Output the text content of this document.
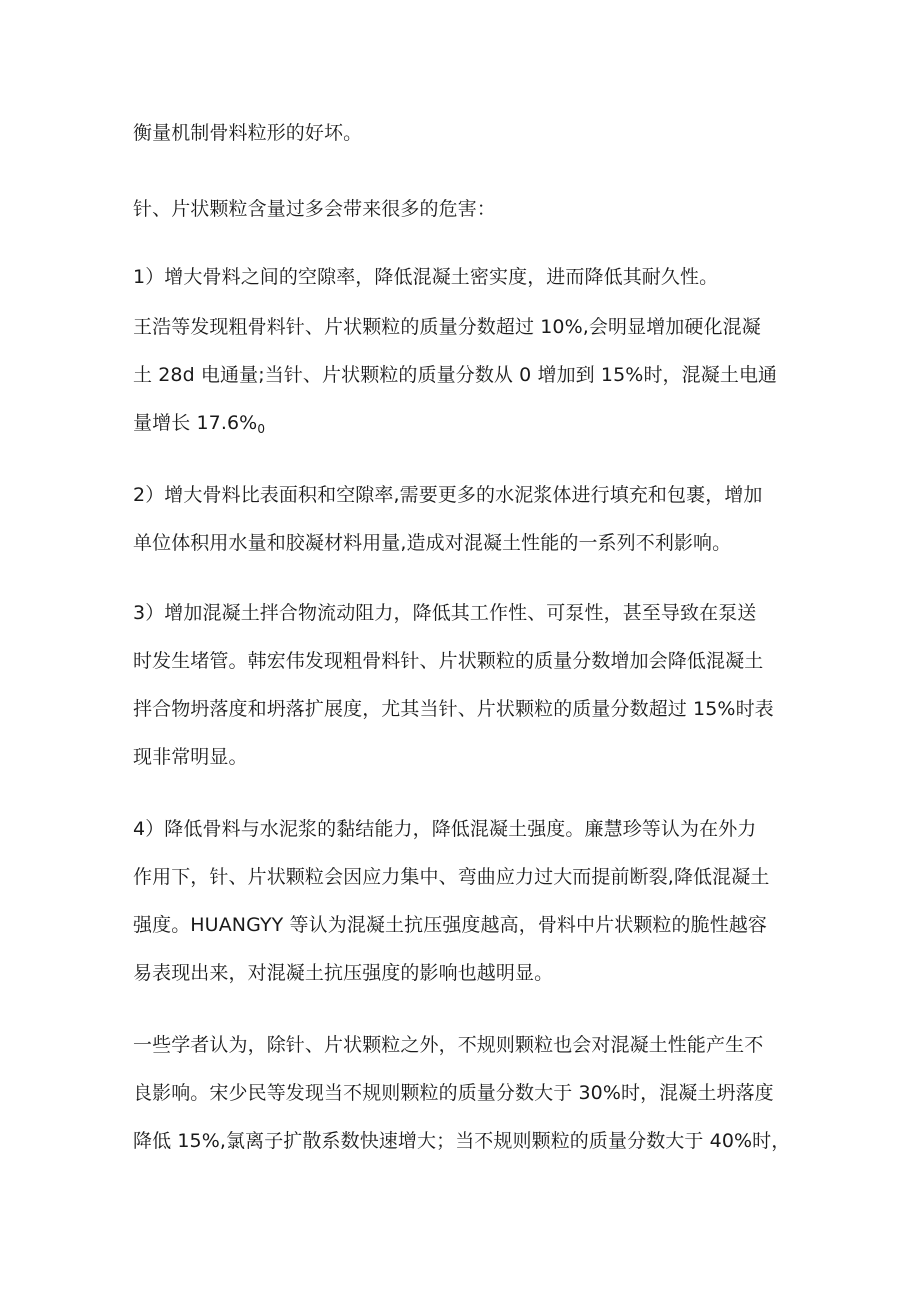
衡量机制骨料粒形的好坏。
针、片状颗粒含量过多会带来很多的危害：
1）增大骨料之间的空隙率，降低混凝土密实度，进而降低其耐久性。
王浩等发现粗骨料针、片状颗粒的质量分数超过 10%,会明显增加硬化混凝
土 28d 电通量;当针、片状颗粒的质量分数从 0 增加到 15%时，混凝土电通
量增长 $17.6\%_0$
2）增大骨料比表面积和空隙率,需要更多的水泥浆体进行填充和包裹，增加
单位体积用水量和胶凝材料用量,造成对混凝土性能的一系列不利影响。
3）增加混凝土拌合物流动阻力，降低其工作性、可泵性，甚至导致在泵送
时发生堵管。韩宏伟发现粗骨料针、片状颗粒的质量分数增加会降低混凝土
拌合物坍落度和坍落扩展度，尤其当针、片状颗粒的质量分数超过 15%时表
现非常明显。
4）降低骨料与水泥浆的黏结能力，降低混凝土强度。廉慧珍等认为在外力
作用下，针、片状颗粒会因应力集中、弯曲应力过大而提前断裂,降低混凝土
强度。HUANGYY 等认为混凝土抗压强度越高，骨料中片状颗粒的脆性越容
易表现出来，对混凝土抗压强度的影响也越明显。
一些学者认为，除针、片状颗粒之外，不规则颗粒也会对混凝土性能产生不
良影响。宋少民等发现当不规则颗粒的质量分数大于 30%时，混凝土坍落度
降低 15%,氯离子扩散系数快速增大；当不规则颗粒的质量分数大于 40%时，
